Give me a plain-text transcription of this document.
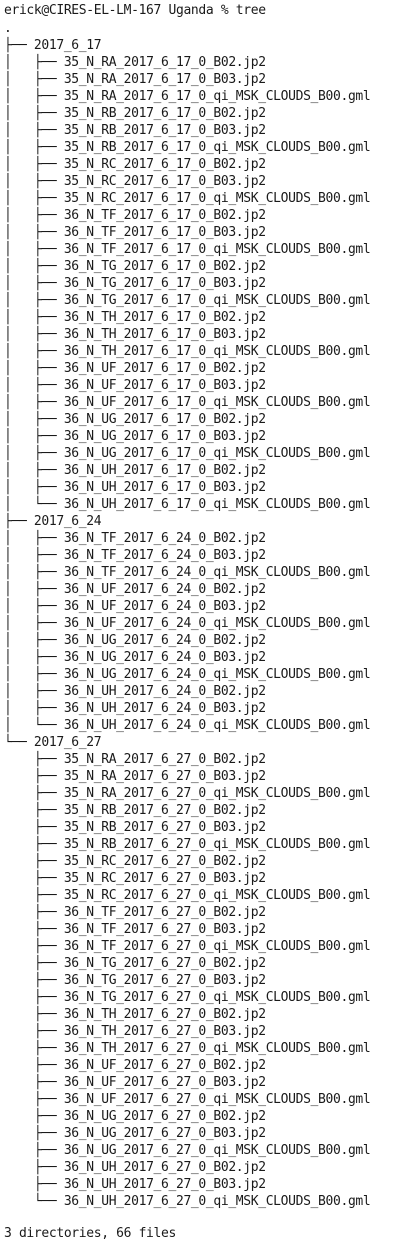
erick@CIRES-EL-LM-167 Uganda % tree
.
├── 2017_6_17
│   ├── 35_N_RA_2017_6_17_0_B02.jp2
│   ├── 35_N_RA_2017_6_17_0_B03.jp2
│   ├── 35_N_RA_2017_6_17_0_qi_MSK_CLOUDS_B00.gml
│   ├── 35_N_RB_2017_6_17_0_B02.jp2
│   ├── 35_N_RB_2017_6_17_0_B03.jp2
│   ├── 35_N_RB_2017_6_17_0_qi_MSK_CLOUDS_B00.gml
│   ├── 35_N_RC_2017_6_17_0_B02.jp2
│   ├── 35_N_RC_2017_6_17_0_B03.jp2
│   ├── 35_N_RC_2017_6_17_0_qi_MSK_CLOUDS_B00.gml
│   ├── 36_N_TF_2017_6_17_0_B02.jp2
│   ├── 36_N_TF_2017_6_17_0_B03.jp2
│   ├── 36_N_TF_2017_6_17_0_qi_MSK_CLOUDS_B00.gml
│   ├── 36_N_TG_2017_6_17_0_B02.jp2
│   ├── 36_N_TG_2017_6_17_0_B03.jp2
│   ├── 36_N_TG_2017_6_17_0_qi_MSK_CLOUDS_B00.gml
│   ├── 36_N_TH_2017_6_17_0_B02.jp2
│   ├── 36_N_TH_2017_6_17_0_B03.jp2
│   ├── 36_N_TH_2017_6_17_0_qi_MSK_CLOUDS_B00.gml
│   ├── 36_N_UF_2017_6_17_0_B02.jp2
│   ├── 36_N_UF_2017_6_17_0_B03.jp2
│   ├── 36_N_UF_2017_6_17_0_qi_MSK_CLOUDS_B00.gml
│   ├── 36_N_UG_2017_6_17_0_B02.jp2
│   ├── 36_N_UG_2017_6_17_0_B03.jp2
│   ├── 36_N_UG_2017_6_17_0_qi_MSK_CLOUDS_B00.gml
│   ├── 36_N_UH_2017_6_17_0_B02.jp2
│   ├── 36_N_UH_2017_6_17_0_B03.jp2
│   └── 36_N_UH_2017_6_17_0_qi_MSK_CLOUDS_B00.gml
├── 2017_6_24
│   ├── 36_N_TF_2017_6_24_0_B02.jp2
│   ├── 36_N_TF_2017_6_24_0_B03.jp2
│   ├── 36_N_TF_2017_6_24_0_qi_MSK_CLOUDS_B00.gml
│   ├── 36_N_UF_2017_6_24_0_B02.jp2
│   ├── 36_N_UF_2017_6_24_0_B03.jp2
│   ├── 36_N_UF_2017_6_24_0_qi_MSK_CLOUDS_B00.gml
│   ├── 36_N_UG_2017_6_24_0_B02.jp2
│   ├── 36_N_UG_2017_6_24_0_B03.jp2
│   ├── 36_N_UG_2017_6_24_0_qi_MSK_CLOUDS_B00.gml
│   ├── 36_N_UH_2017_6_24_0_B02.jp2
│   ├── 36_N_UH_2017_6_24_0_B03.jp2
│   └── 36_N_UH_2017_6_24_0_qi_MSK_CLOUDS_B00.gml
└── 2017_6_27
├── 35_N_RA_2017_6_27_0_B02.jp2
├── 35_N_RA_2017_6_27_0_B03.jp2
├── 35_N_RA_2017_6_27_0_qi_MSK_CLOUDS_B00.gml
├── 35_N_RB_2017_6_27_0_B02.jp2
├── 35_N_RB_2017_6_27_0_B03.jp2
├── 35_N_RB_2017_6_27_0_qi_MSK_CLOUDS_B00.gml
├── 35_N_RC_2017_6_27_0_B02.jp2
├── 35_N_RC_2017_6_27_0_B03.jp2
├── 35_N_RC_2017_6_27_0_qi_MSK_CLOUDS_B00.gml
├── 36_N_TF_2017_6_27_0_B02.jp2
├── 36_N_TF_2017_6_27_0_B03.jp2
├── 36_N_TF_2017_6_27_0_qi_MSK_CLOUDS_B00.gml
├── 36_N_TG_2017_6_27_0_B02.jp2
├── 36_N_TG_2017_6_27_0_B03.jp2
├── 36_N_TG_2017_6_27_0_qi_MSK_CLOUDS_B00.gml
├── 36_N_TH_2017_6_27_0_B02.jp2
├── 36_N_TH_2017_6_27_0_B03.jp2
├── 36_N_TH_2017_6_27_0_qi_MSK_CLOUDS_B00.gml
├── 36_N_UF_2017_6_27_0_B02.jp2
├── 36_N_UF_2017_6_27_0_B03.jp2
├── 36_N_UF_2017_6_27_0_qi_MSK_CLOUDS_B00.gml
├── 36_N_UG_2017_6_27_0_B02.jp2
├── 36_N_UG_2017_6_27_0_B03.jp2
├── 36_N_UG_2017_6_27_0_qi_MSK_CLOUDS_B00.gml
├── 36_N_UH_2017_6_27_0_B02.jp2
├── 36_N_UH_2017_6_27_0_B03.jp2
└── 36_N_UH_2017_6_27_0_qi_MSK_CLOUDS_B00.gml
3 directories, 66 files
